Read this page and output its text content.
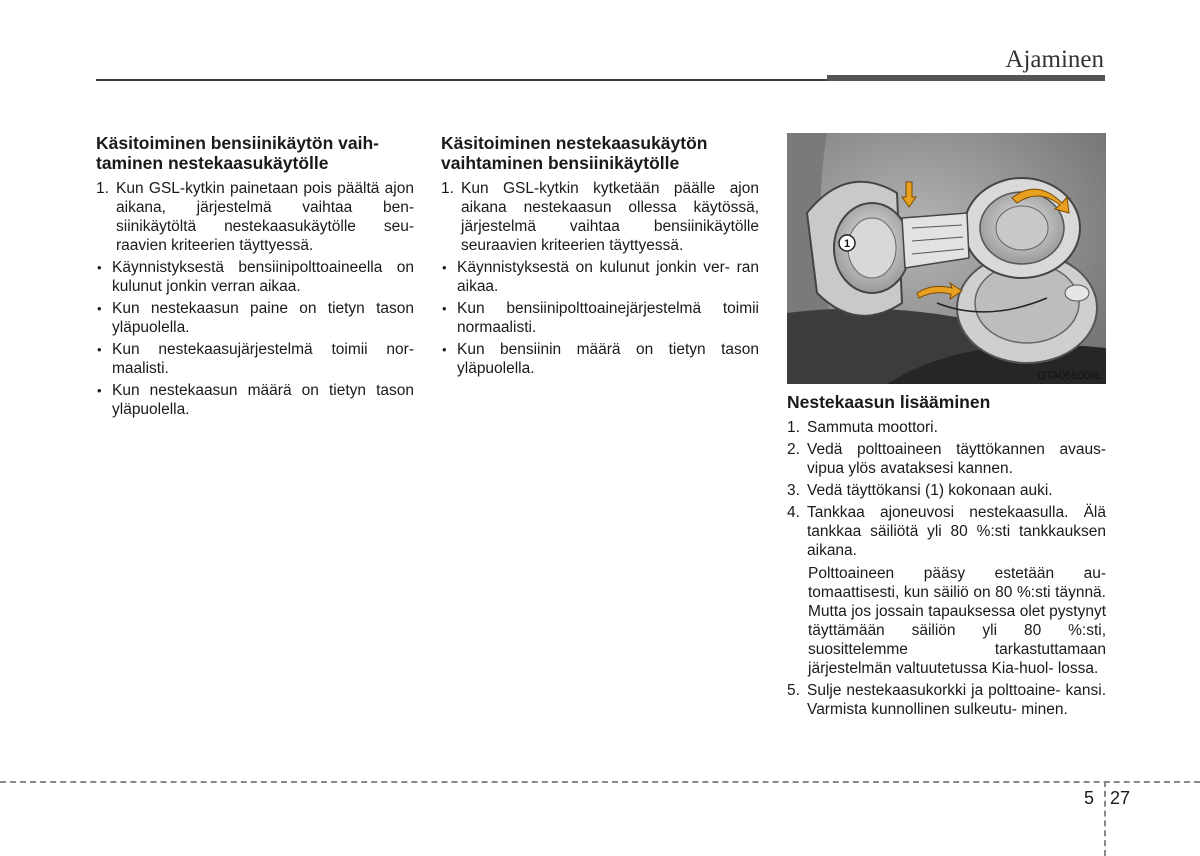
Ajaminen
Käsitoiminen bensiinikäytön vaih- taminen nestekaasukäytölle
1. Kun GSL-kytkin painetaan pois päältä ajon aikana, järjestelmä vaihtaa ben- siinikäytöltä nestekaasukäytölle seu- raavien kriteerien täyttyessä.
• Käynnistyksestä bensiinipolttoaineella on kulunut jonkin verran aikaa.
• Kun nestekaasun paine on tietyn tason yläpuolella.
• Kun nestekaasujärjestelmä toimii nor- maalisti.
• Kun nestekaasun määrä on tietyn tason yläpuolella.
Käsitoiminen nestekaasukäytön vaihtaminen bensiinikäytölle
1. Kun GSL-kytkin kytketään päälle ajon aikana nestekaasun ollessa käytössä, järjestelmä vaihtaa bensiinikäytölle seuraavien kriteerien täyttyessä.
• Käynnistyksestä on kulunut jonkin ver- ran aikaa.
• Kun bensiinipolttoainejärjestelmä toimii normaalisti.
• Kun bensiinin määrä on tietyn tason yläpuolella.
1
OTA055009L
Nestekaasun lisääminen
1. Sammuta moottori.
2. Vedä polttoaineen täyttökannen avaus- vipua ylös avataksesi kannen.
3. Vedä täyttökansi (1) kokonaan auki.
4. Tankkaa ajoneuvosi nestekaasulla. Älä tankkaa säiliötä yli 80 %:sti tankkauksen aikana.

Polttoaineen pääsy estetään au- tomaattisesti, kun säiliö on 80 %:sti täynnä. Mutta jos jossain tapauksessa olet pystynyt täyttämään säiliön yli 80 %:sti, suosittelemme tarkastuttamaan järjestelmän valtuutetussa Kia-huol- lossa.

5. Sulje nestekaasukorkki ja polttoaine- kansi. Varmista kunnollinen sulkeutu- minen.
5 27
